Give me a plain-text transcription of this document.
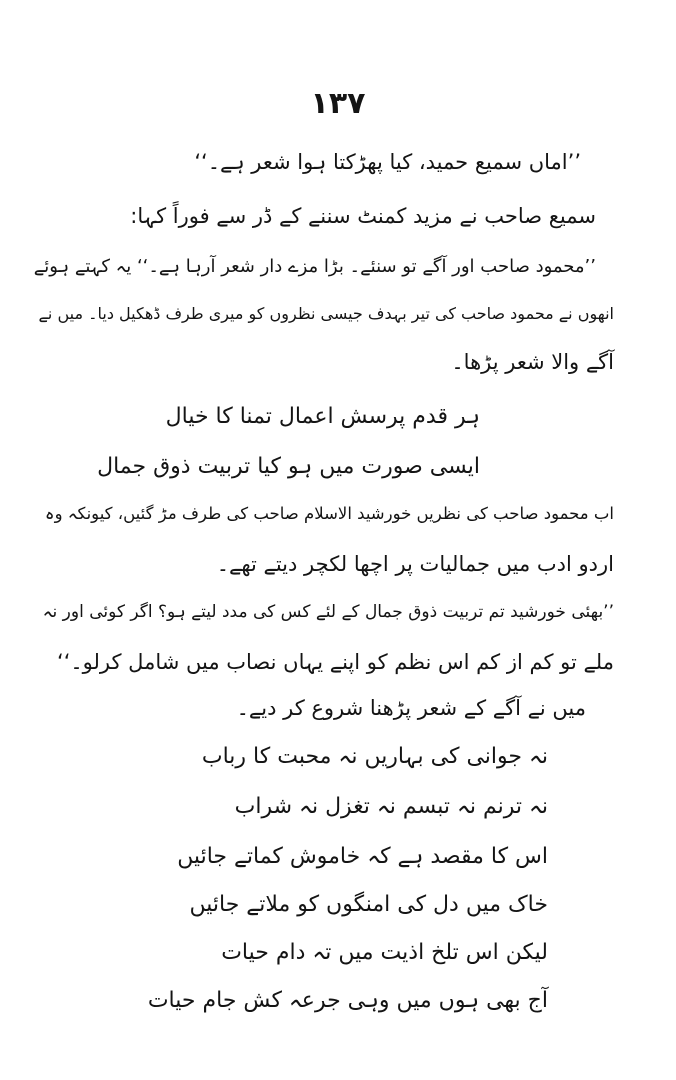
۱۳۷
’’اماں سمیع حمید، کیا پھڑکتا ہوا شعر ہے۔‘‘
سمیع صاحب نے مزید کمنٹ سننے کے ڈر سے فوراً کہا:
’’محمود صاحب اور آگے تو سنئے۔ بڑا مزے دار شعر آرہا ہے۔‘‘ یہ کہتے ہوئے
انھوں نے محمود صاحب کی تیر بہدف جیسی نظروں کو میری طرف ڈھکیل دیا۔ میں نے
آگے والا شعر پڑھا۔
ہر قدم پرسش اعمال تمنا کا خیال
ایسی صورت میں ہو کیا تربیت ذوق جمال
اب محمود صاحب کی نظریں خورشید الاسلام صاحب کی طرف مڑ گئیں، کیونکہ وہ
اردو ادب میں جمالیات پر اچھا لکچر دیتے تھے۔
’’بھئی خورشید تم تربیت ذوق جمال کے لئے کس کی مدد لیتے ہو؟ اگر کوئی اور نہ
ملے تو کم از کم اس نظم کو اپنے یہاں نصاب میں شامل کرلو۔‘‘
میں نے آگے کے شعر پڑھنا شروع کر دیے۔
نہ جوانی کی بہاریں نہ محبت کا رباب
نہ ترنم نہ تبسم نہ تغزل نہ شراب
اس کا مقصد ہے کہ خاموش کماتے جائیں
خاک میں دل کی امنگوں کو ملاتے جائیں
لیکن اس تلخ اذیت میں تہ دام حیات
آج بھی ہوں میں وہی جرعہ کش جام حیات
